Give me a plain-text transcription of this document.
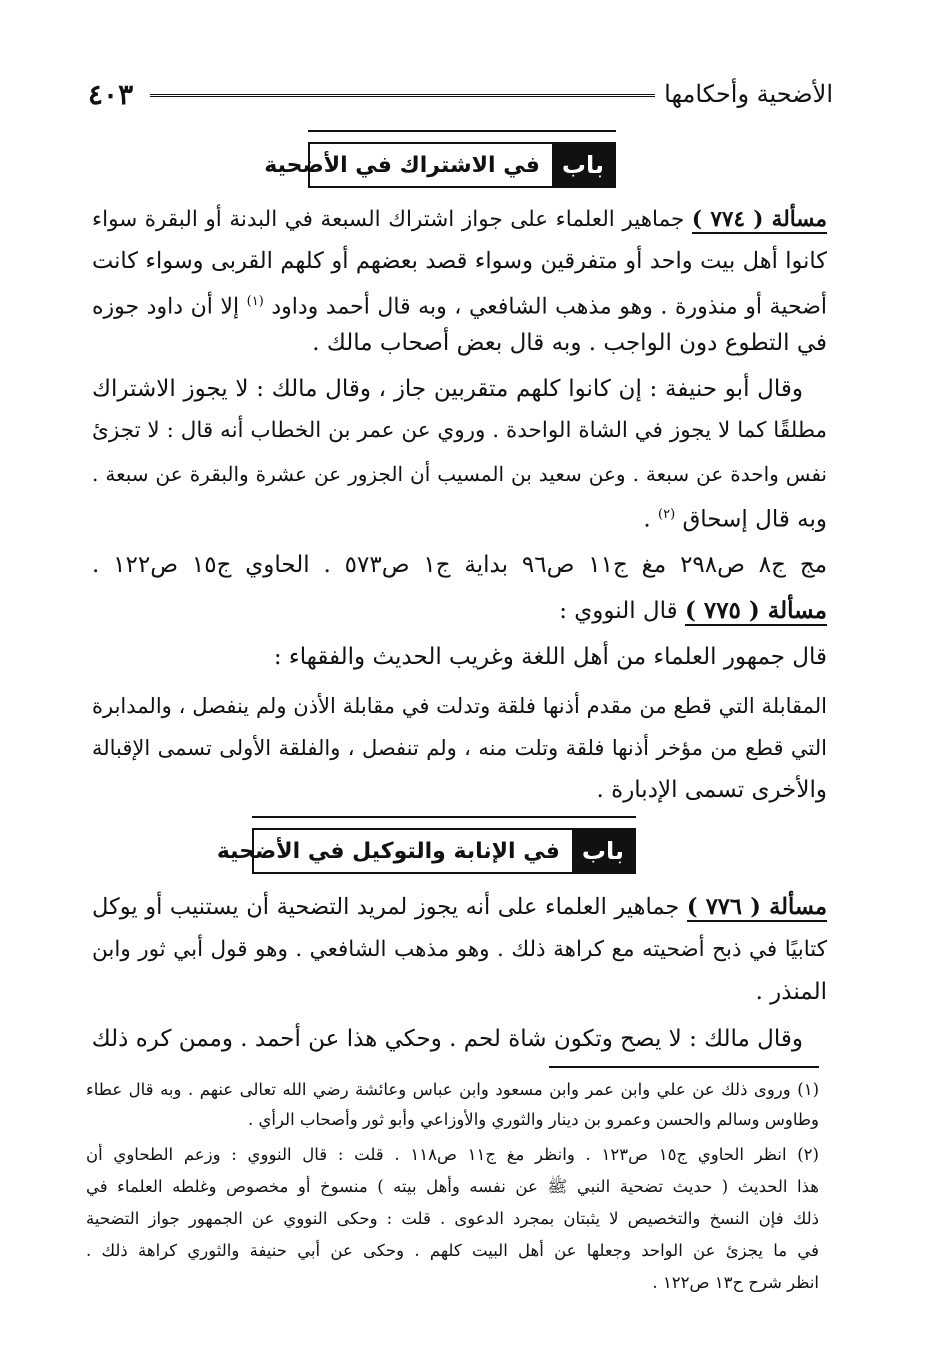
الأضحية وأحكامها
٤٠٣
باب
في الاشتراك في الأضحية
مسألة ( ٧٧٤ ) جماهير العلماء على جواز اشتراك السبعة في البدنة أو البقرة سواء
كانوا أهل بيت واحد أو متفرقين وسواء قصد بعضهم أو كلهم القربى وسواء كانت
أضحية أو منذورة . وهو مذهب الشافعي ، وبه قال أحمد وداود $^{(١)}$ إلا أن داود جوزه
في التطوع دون الواجب . وبه قال بعض أصحاب مالك .
وقال أبو حنيفة : إن كانوا كلهم متقربين جاز ، وقال مالك : لا يجوز الاشتراك
مطلقًا كما لا يجوز في الشاة الواحدة . وروي عن عمر بن الخطاب أنه قال : لا تجزئ
نفس واحدة عن سبعة . وعن سعيد بن المسيب أن الجزور عن عشرة والبقرة عن سبعة .
وبه قال إسحاق $^{(٢)}$ .
مج ج٨ ص٢٩٨ مغ ج١١ ص٩٦ بداية ج١ ص٥٧٣ . الحاوي ج١٥ ص١٢٢ .
مسألة ( ٧٧٥ ) قال النووي :
قال جمهور العلماء من أهل اللغة وغريب الحديث والفقهاء :
المقابلة التي قطع من مقدم أذنها فلقة وتدلت في مقابلة الأذن ولم ينفصل ، والمدابرة
التي قطع من مؤخر أذنها فلقة وتلت منه ، ولم تنفصل ، والفلقة الأولى تسمى الإقبالة
والأخرى تسمى الإدبارة .
باب
في الإنابة والتوكيل في الأضحية
مسألة ( ٧٧٦ ) جماهير العلماء على أنه يجوز لمريد التضحية أن يستنيب أو يوكل
كتابيًا في ذبح أضحيته مع كراهة ذلك . وهو مذهب الشافعي . وهو قول أبي ثور وابن
المنذر .
وقال مالك : لا يصح وتكون شاة لحم . وحكي هذا عن أحمد . وممن كره ذلك
(١) وروى ذلك عن علي وابن عمر وابن مسعود وابن عباس وعائشة رضي الله تعالى عنهم . وبه قال عطاء
وطاوس وسالم والحسن وعمرو بن دينار والثوري والأوزاعي وأبو ثور وأصحاب الرأي .
(٢) انظر الحاوي ج١٥ ص١٢٣ . وانظر مغ ج١١ ص١١٨ . قلت : قال النووي : وزعم الطحاوي أن
هذا الحديث ( حديث تضحية النبي ﷺ عن نفسه وأهل بيته ) منسوخ أو مخصوص وغلطه العلماء في
ذلك فإن النسخ والتخصيص لا يثبتان بمجرد الدعوى . قلت : وحكى النووي عن الجمهور جواز التضحية
في ما يجزئ عن الواحد وجعلها عن أهل البيت كلهم . وحكى عن أبي حنيفة والثوري كراهة ذلك .
انظر شرح ح١٣ ص١٢٢ .
